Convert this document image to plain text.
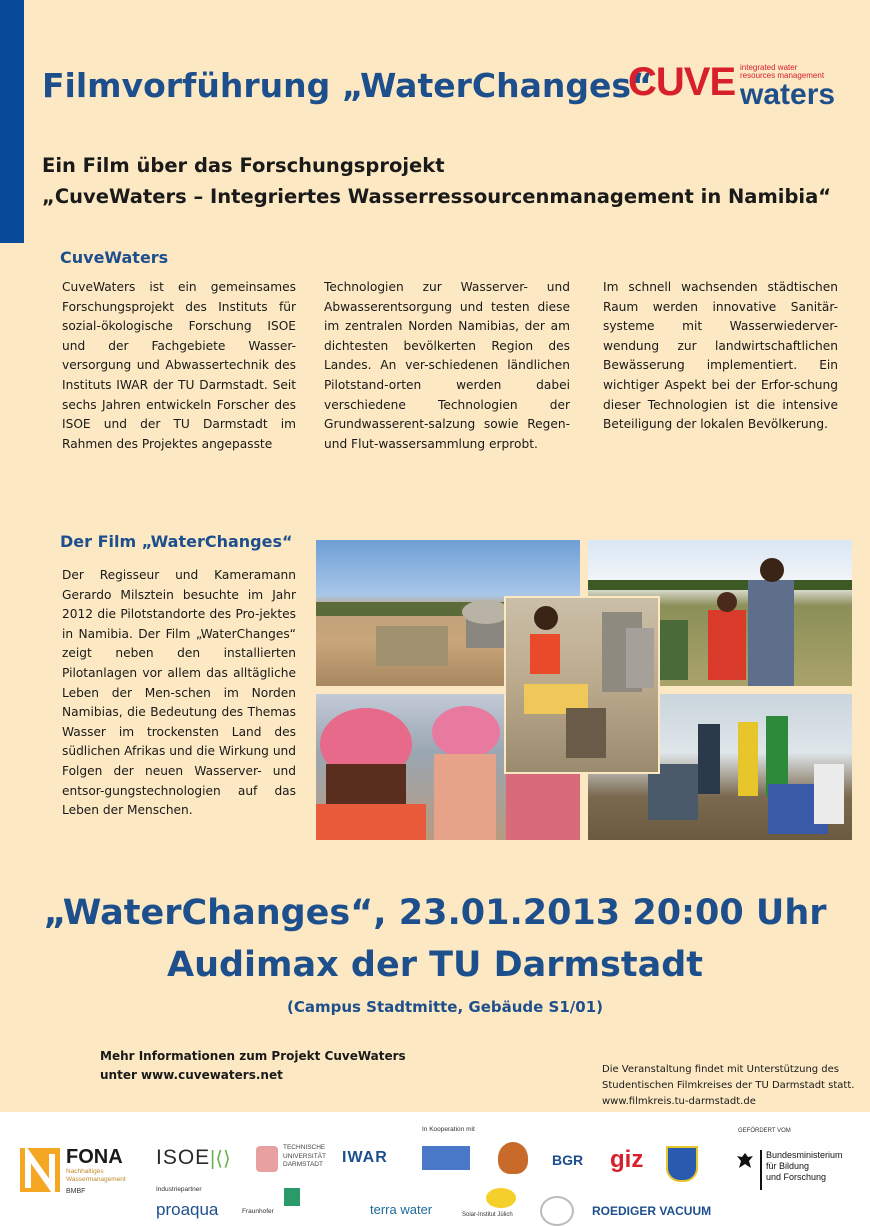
Filmvorführung „WaterChanges“
CUVE integrated water
resources management
waters
Ein Film über das Forschungsprojekt
„CuveWaters – Integriertes Wasserressourcenmanagement in Namibia“
CuveWaters
CuveWaters ist ein gemeinsames Forschungsprojekt des Instituts für sozial-ökologische Forschung ISOE und der Fachgebiete Wasser-versorgung und Abwassertechnik des Instituts IWAR der TU Darmstadt. Seit sechs Jahren entwickeln Forscher des ISOE und der TU Darmstadt im Rahmen des Projektes angepasste
Technologien zur Wasserver- und Abwasserentsorgung und testen diese im zentralen Norden Namibias, der am dichtesten bevölkerten Region des Landes. An ver-schiedenen ländlichen Pilotstand-orten werden dabei verschiedene Technologien der Grundwasserent-salzung sowie Regen- und Flut-wassersammlung erprobt.
Im schnell wachsenden städtischen Raum werden innovative Sanitär-systeme mit Wasserwiederver-wendung zur landwirtschaftlichen Bewässerung implementiert. Ein wichtiger Aspekt bei der Erfor-schung dieser Technologien ist die intensive Beteiligung der lokalen Bevölkerung.
Der Film „WaterChanges“
Der Regisseur und Kameramann Gerardo Milsztein besuchte im Jahr 2012 die Pilotstandorte des Pro-jektes in Namibia. Der Film „WaterChanges“ zeigt neben den installierten Pilotanlagen vor allem das alltägliche Leben der Men-schen im Norden Namibias, die Bedeutung des Themas Wasser im trockensten Land des südlichen Afrikas und die Wirkung und Folgen der neuen Wasserver- und entsor-gungstechnologien auf das Leben der Menschen.
„WaterChanges“, 23.01.2013 20:00 Uhr
Audimax der TU Darmstadt
(Campus Stadtmitte, Gebäude S1/01)
Mehr Informationen zum Projekt CuveWaters
unter www.cuvewaters.net	Die Veranstaltung findet mit Unterstützung des
Studentischen Filmkreises der TU Darmstadt statt.
www.filmkreis.tu-darmstadt.de
FONA
Nachhaltiges
Wassermanagement
BMBF
ISOE |⟨⟩
TECHNISCHE
UNIVERSITÄT
DARMSTADT IWAR
In Kooperation mit
BGR giz
GEFÖRDERT VOM
Bundesministerium
für Bildung
und Forschung
Industriepartner
proaqua	Fraunhofer	terra water	Solar-Institut Jülich	ROEDIGER VACUUM
